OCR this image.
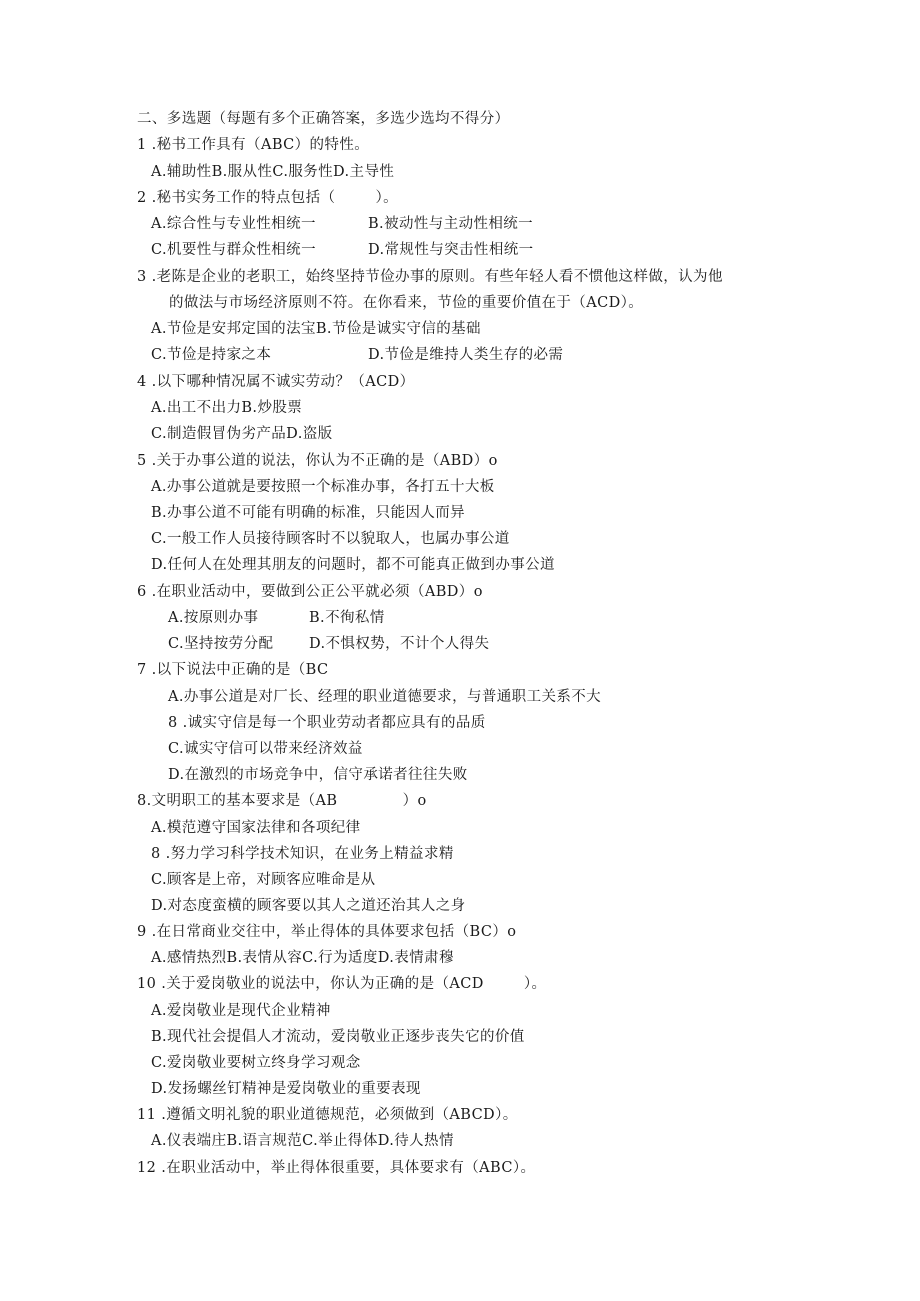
二、多选题（每题有多个正确答案，多选少选均不得分）
1 .秘书工作具有（ABC）的特性。
A.辅助性B.服从性C.服务性D.主导性
2 .秘书实务工作的特点包括（        ）。
A.综合性与专业性相统一	B.被动性与主动性相统一
C.机要性与群众性相统一	D.常规性与突击性相统一
3 .老陈是企业的老职工，始终坚持节俭办事的原则。有些年轻人看不惯他这样做，认为他
的做法与市场经济原则不符。在你看来，节俭的重要价值在于（ACD）。
A.节俭是安邦定国的法宝B.节俭是诚实守信的基础
C.节俭是持家之本	D.节俭是维持人类生存的必需
4 .以下哪种情况属不诚实劳动？（ACD）
A.出工不出力B.炒股票
C.制造假冒伪劣产品D.盗版
5 .关于办事公道的说法，你认为不正确的是（ABD）o
A.办事公道就是要按照一个标准办事，各打五十大板
B.办事公道不可能有明确的标准，只能因人而异
C.一般工作人员接待顾客时不以貌取人，也属办事公道
D.任何人在处理其朋友的问题时，都不可能真正做到办事公道
6 .在职业活动中，要做到公正公平就必须（ABD）o
A.按原则办事	B.不徇私情
C.坚持按劳分配 D.不惧权势，不计个人得失
7 .以下说法中正确的是（BC
A.办事公道是对厂长、经理的职业道德要求，与普通职工关系不大
8 .诚实守信是每一个职业劳动者都应具有的品质
C.诚实守信可以带来经济效益
D.在激烈的市场竞争中，信守承诺者往往失败
8.文明职工的基本要求是（AB             ）o
A.模范遵守国家法律和各项纪律
8 .努力学习科学技术知识，在业务上精益求精
C.顾客是上帝，对顾客应唯命是从
D.对态度蛮横的顾客要以其人之道还治其人之身
9 .在日常商业交往中，举止得体的具体要求包括（BC）o
A.感情热烈B.表情从容C.行为适度D.表情肃穆
10 .关于爱岗敬业的说法中，你认为正确的是（ACD        ）。
A.爱岗敬业是现代企业精神
B.现代社会提倡人才流动，爱岗敬业正逐步丧失它的价值
C.爱岗敬业要树立终身学习观念
D.发扬螺丝钉精神是爱岗敬业的重要表现
11 .遵循文明礼貌的职业道德规范，必须做到（ABCD）。
A.仪表端庄B.语言规范C.举止得体D.待人热情
12 .在职业活动中，举止得体很重要，具体要求有（ABC）。
